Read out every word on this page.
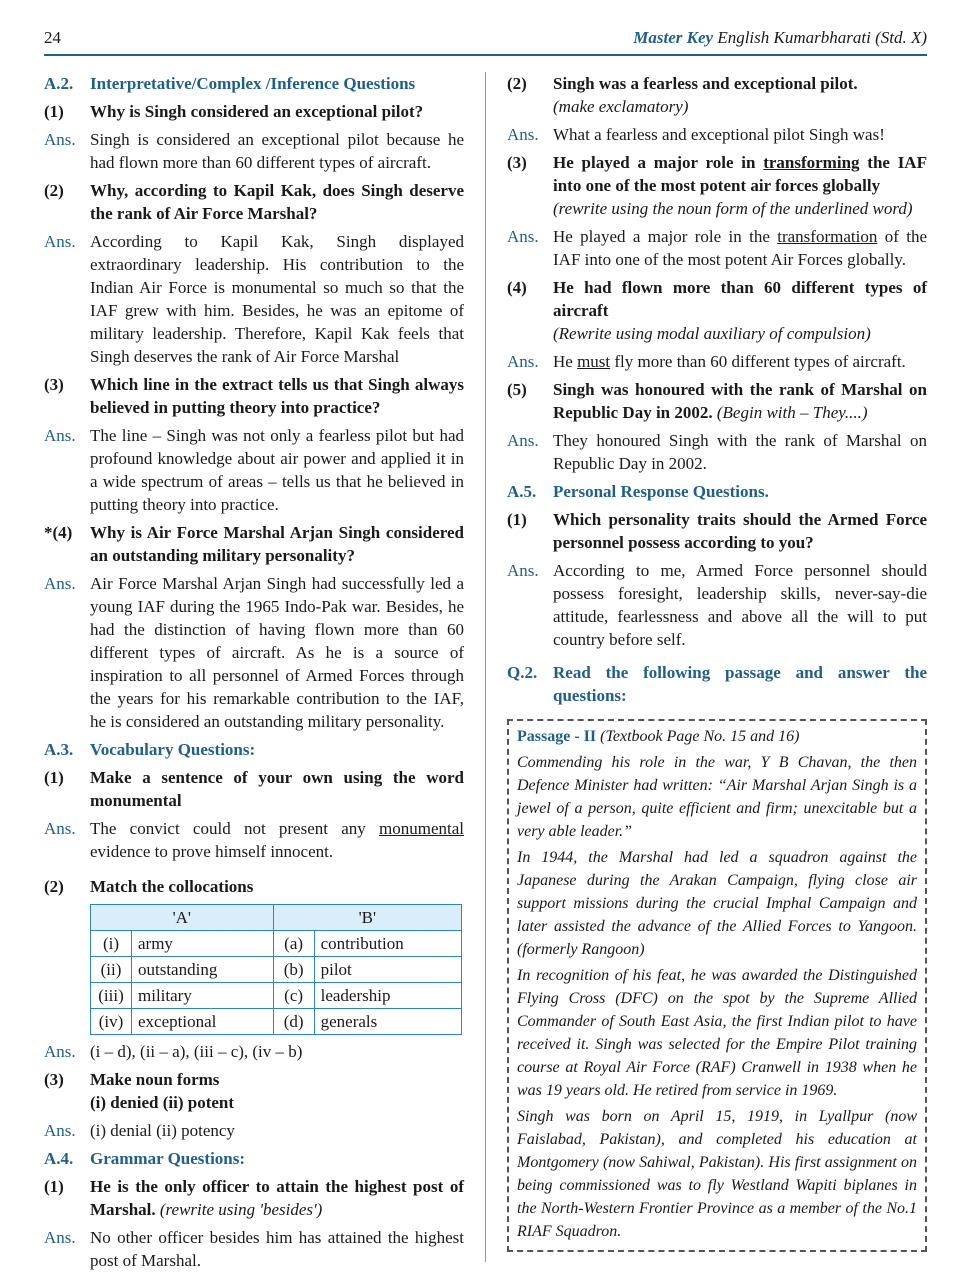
24	Master Key English Kumarbharati (Std. X)
A.2. Interpretative/Complex /Inference Questions
(1)	Why is Singh considered an exceptional pilot?
Ans. Singh is considered an exceptional pilot because he had flown more than 60 different types of aircraft.
(2)	Why, according to Kapil Kak, does Singh deserve the rank of Air Force Marshal?
Ans. According to Kapil Kak, Singh displayed extraordinary leadership. His contribution to the Indian Air Force is monumental so much so that the IAF grew with him. Besides, he was an epitome of military leadership. Therefore, Kapil Kak feels that Singh deserves the rank of Air Force Marshal
(3)	Which line in the extract tells us that Singh always believed in putting theory into practice?
Ans. The line – Singh was not only a fearless pilot but had profound knowledge about air power and applied it in a wide spectrum of areas – tells us that he believed in putting theory into practice.
*(4)	Why is Air Force Marshal Arjan Singh considered an outstanding military personality?
Ans. Air Force Marshal Arjan Singh had successfully led a young IAF during the 1965 Indo-Pak war. Besides, he had the distinction of having flown more than 60 different types of aircraft. As he is a source of inspiration to all personnel of Armed Forces through the years for his remarkable contribution to the IAF, he is considered an outstanding military personality.
A.3. Vocabulary Questions:
(1)	Make a sentence of your own using the word monumental
Ans. The convict could not present any monumental evidence to prove himself innocent.
(2)	Match the collocations
'A'		'B'	
(i)	army	(a)	contribution
(ii)	outstanding	(b)	pilot
(iii)	military	(c)	leadership
(iv)	exceptional	(d)	generals
Ans. (i – d), (ii – a), (iii – c), (iv – b)
(3)	Make noun forms
(i) denied (ii) potent
Ans. (i) denial (ii) potency
A.4. Grammar Questions:
(1)	He is the only officer to attain the highest post of Marshal. (rewrite using 'besides')
Ans. No other officer besides him has attained the highest post of Marshal.
(2)	Singh was a fearless and exceptional pilot.
(make exclamatory)
Ans. What a fearless and exceptional pilot Singh was!
(3)	He played a major role in transforming the IAF into one of the most potent air forces globally
(rewrite using the noun form of the underlined word)
Ans. He played a major role in the transformation of the IAF into one of the most potent Air Forces globally.
(4)	He had flown more than 60 different types of aircraft
(Rewrite using modal auxiliary of compulsion)
Ans. He must fly more than 60 different types of aircraft.
(5)	Singh was honoured with the rank of Marshal on Republic Day in 2002. (Begin with – They....)
Ans. They honoured Singh with the rank of Marshal on Republic Day in 2002.
A.5. Personal Response Questions.
(1)	Which personality traits should the Armed Force personnel possess according to you?
Ans. According to me, Armed Force personnel should possess foresight, leadership skills, never-say-die attitude, fearlessness and above all the will to put country before self.
Q.2. Read the following passage and answer the questions:

Passage - II (Textbook Page No. 15 and 16)

Commending his role in the war, Y B Chavan, the then Defence Minister had written: “Air Marshal Arjan Singh is a jewel of a person, quite efficient and firm; unexcitable but a very able leader.”

In 1944, the Marshal had led a squadron against the Japanese during the Arakan Campaign, flying close air support missions during the crucial Imphal Campaign and later assisted the advance of the Allied Forces to Yangoon. (formerly Rangoon)

In recognition of his feat, he was awarded the Distinguished Flying Cross (DFC) on the spot by the Supreme Allied Commander of South East Asia, the first Indian pilot to have received it. Singh was selected for the Empire Pilot training course at Royal Air Force (RAF) Cranwell in 1938 when he was 19 years old. He retired from service in 1969.

Singh was born on April 15, 1919, in Lyallpur (now Faislabad, Pakistan), and completed his education at Montgomery (now Sahiwal, Pakistan). His first assignment on being commissioned was to fly Westland Wapiti biplanes in the North-Western Frontier Province as a member of the No.1 RIAF Squadron.
